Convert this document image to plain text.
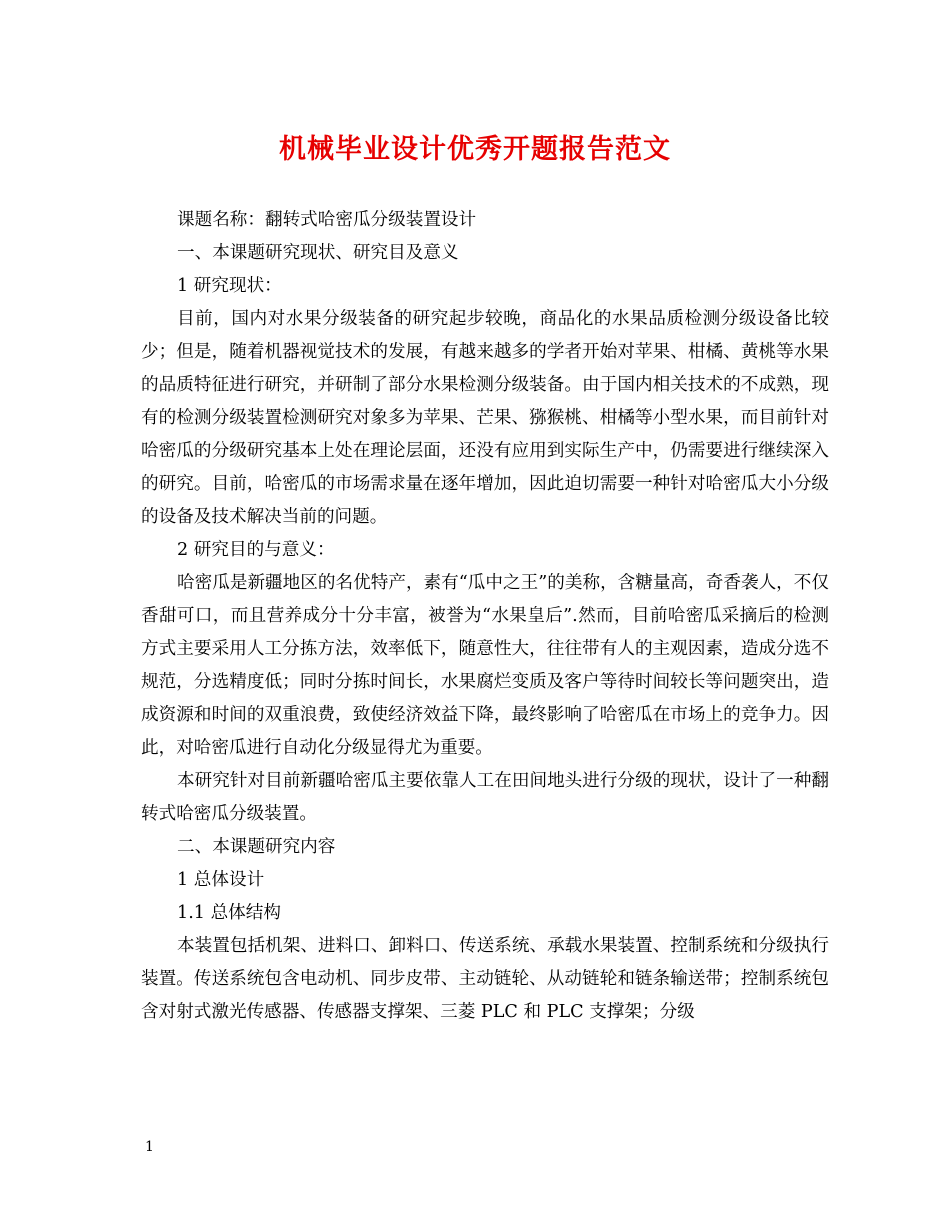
机械毕业设计优秀开题报告范文

课题名称：翻转式哈密瓜分级装置设计

一、本课题研究现状、研究目及意义

1 研究现状：

目前，国内对水果分级装备的研究起步较晚，商品化的水果品质检测分级设备比较少；但是，随着机器视觉技术的发展，有越来越多的学者开始对苹果、柑橘、黄桃等水果的品质特征进行研究，并研制了部分水果检测分级装备。由于国内相关技术的不成熟，现有的检测分级装置检测研究对象多为苹果、芒果、猕猴桃、柑橘等小型水果，而目前针对哈密瓜的分级研究基本上处在理论层面，还没有应用到实际生产中，仍需要进行继续深入的研究。目前，哈密瓜的市场需求量在逐年增加，因此迫切需要一种针对哈密瓜大小分级的设备及技术解决当前的问题。

2 研究目的与意义：

哈密瓜是新疆地区的名优特产，素有“瓜中之王”的美称，含糖量高，奇香袭人，不仅香甜可口，而且营养成分十分丰富，被誉为“水果皇后”.然而，目前哈密瓜采摘后的检测方式主要采用人工分拣方法，效率低下，随意性大，往往带有人的主观因素，造成分选不规范，分选精度低；同时分拣时间长，水果腐烂变质及客户等待时间较长等问题突出，造成资源和时间的双重浪费，致使经济效益下降，最终影响了哈密瓜在市场上的竞争力。因此，对哈密瓜进行自动化分级显得尤为重要。

本研究针对目前新疆哈密瓜主要依靠人工在田间地头进行分级的现状，设计了一种翻转式哈密瓜分级装置。

二、本课题研究内容

1 总体设计

1.1 总体结构

本装置包括机架、进料口、卸料口、传送系统、承载水果装置、控制系统和分级执行装置。传送系统包含电动机、同步皮带、主动链轮、从动链轮和链条输送带；控制系统包含对射式激光传感器、传感器支撑架、三菱 PLC 和 PLC 支撑架；分级

1
